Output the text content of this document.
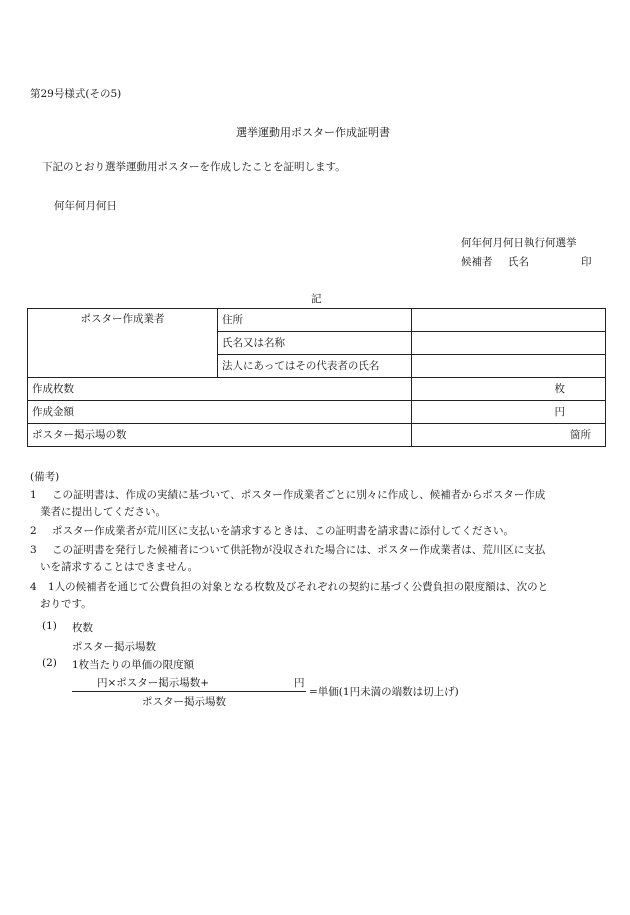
第29号様式(その5)
選挙運動用ポスター作成証明書
下記のとおり選挙運動用ポスターを作成したことを証明します。
何年何月何日
何年何月何日執行何選挙
候補者 氏名	印
記
ポスター作成業者	住所	
	氏名又は名称	
	法人にあってはその代表者の氏名	
作成枚数		枚
作成金額		円
ポスター掲示場の数		箇所
(備考)
1 この証明書は、作成の実績に基づいて、ポスター作成業者ごとに別々に作成し、候補者からポスター作成
業者に提出してください。
2 ポスター作成業者が荒川区に支払いを請求するときは、この証明書を請求書に添付してください。
3 この証明書を発行した候補者について供託物が没収された場合には、ポスター作成業者は、荒川区に支払
いを請求することはできません。
4 1人の候補者を通じて公費負担の対象となる枚数及びそれぞれの契約に基づく公費負担の限度額は、次のと
おりです。
(1) 枚数
ポスター掲示場数
(2) 1枚当たりの単価の限度額
円×ポスター掲示場数+	円
ポスター掲示場数
=単価(1円未満の端数は切上げ)
